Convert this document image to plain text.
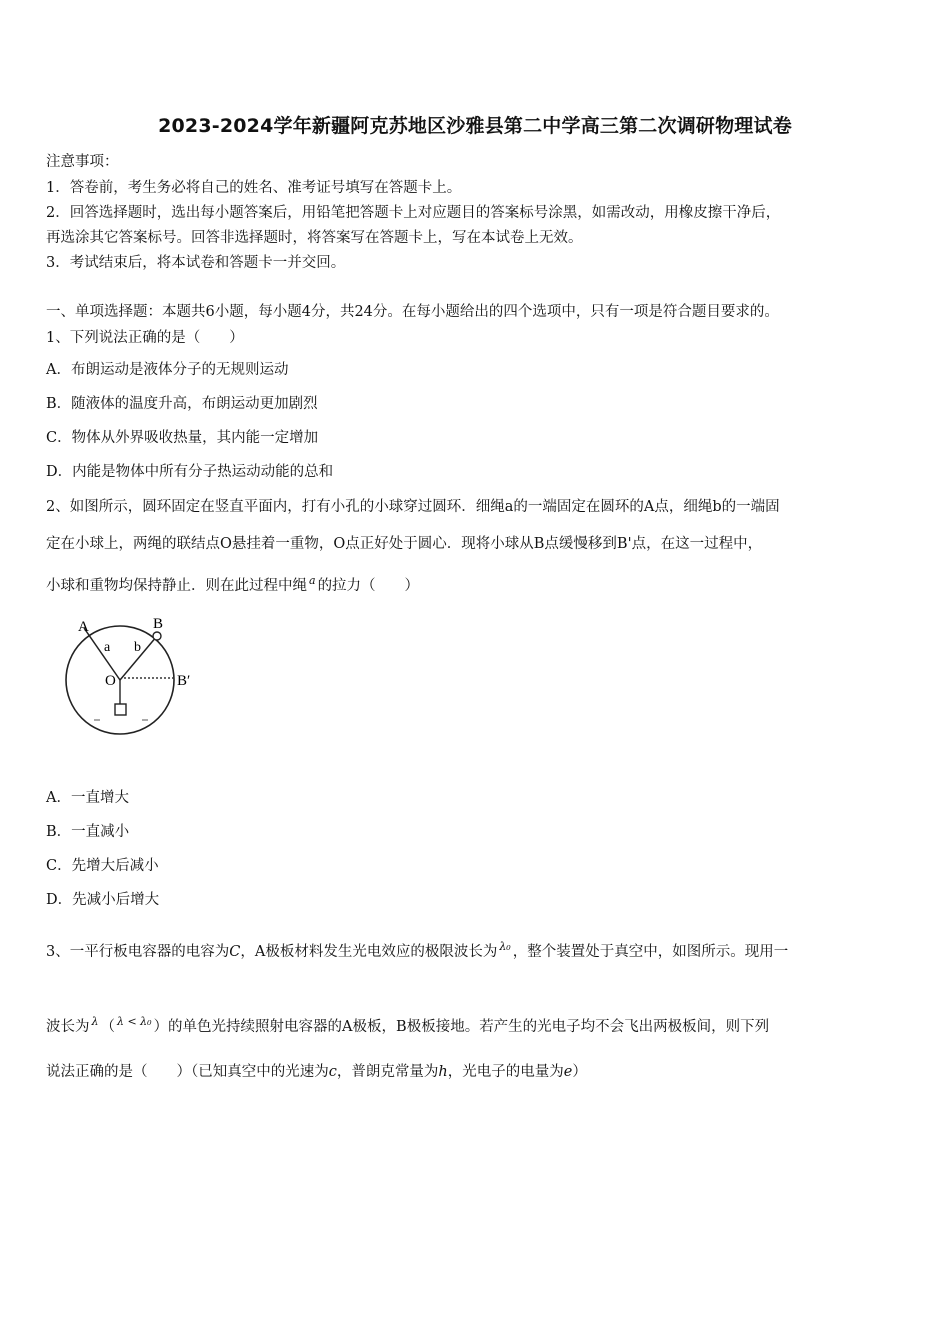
2023-2024学年新疆阿克苏地区沙雅县第二中学高三第二次调研物理试卷
注意事项：
1．答卷前，考生务必将自己的姓名、准考证号填写在答题卡上。
2．回答选择题时，选出每小题答案后，用铅笔把答题卡上对应题目的答案标号涂黑，如需改动，用橡皮擦干净后，
再选涂其它答案标号。回答非选择题时，将答案写在答题卡上，写在本试卷上无效。
3．考试结束后，将本试卷和答题卡一并交回。
一、单项选择题：本题共6小题，每小题4分，共24分。在每小题给出的四个选项中，只有一项是符合题目要求的。
1、下列说法正确的是（　　）
A．布朗运动是液体分子的无规则运动
B．随液体的温度升高，布朗运动更加剧烈
C．物体从外界吸收热量，其内能一定增加
D．内能是物体中所有分子热运动动能的总和
2、如图所示，圆环固定在竖直平面内，打有小孔的小球穿过圆环．细绳a的一端固定在圆环的A点，细绳b的一端固
定在小球上，两绳的联结点O悬挂着一重物，O点正好处于圆心．现将小球从B点缓慢移到B'点，在这一过程中，
小球和重物均保持静止．则在此过程中绳 $^a$ 的拉力（　　）
A	B
a b
O	B′
A．一直增大
B．一直减小
C．先增大后减小
D．先减小后增大
3、一平行板电容器的电容为C，A极板材料发生光电效应的极限波长为 $^{\lambda_0}$ ，整个装置处于真空中，如图所示。现用一
波长为 $^\lambda$ （ $^{\lambda < \lambda_0}$ ）的单色光持续照射电容器的A极板，B极板接地。若产生的光电子均不会飞出两极板间，则下列
说法正确的是（　　）（已知真空中的光速为c，普朗克常量为h，光电子的电量为e）
